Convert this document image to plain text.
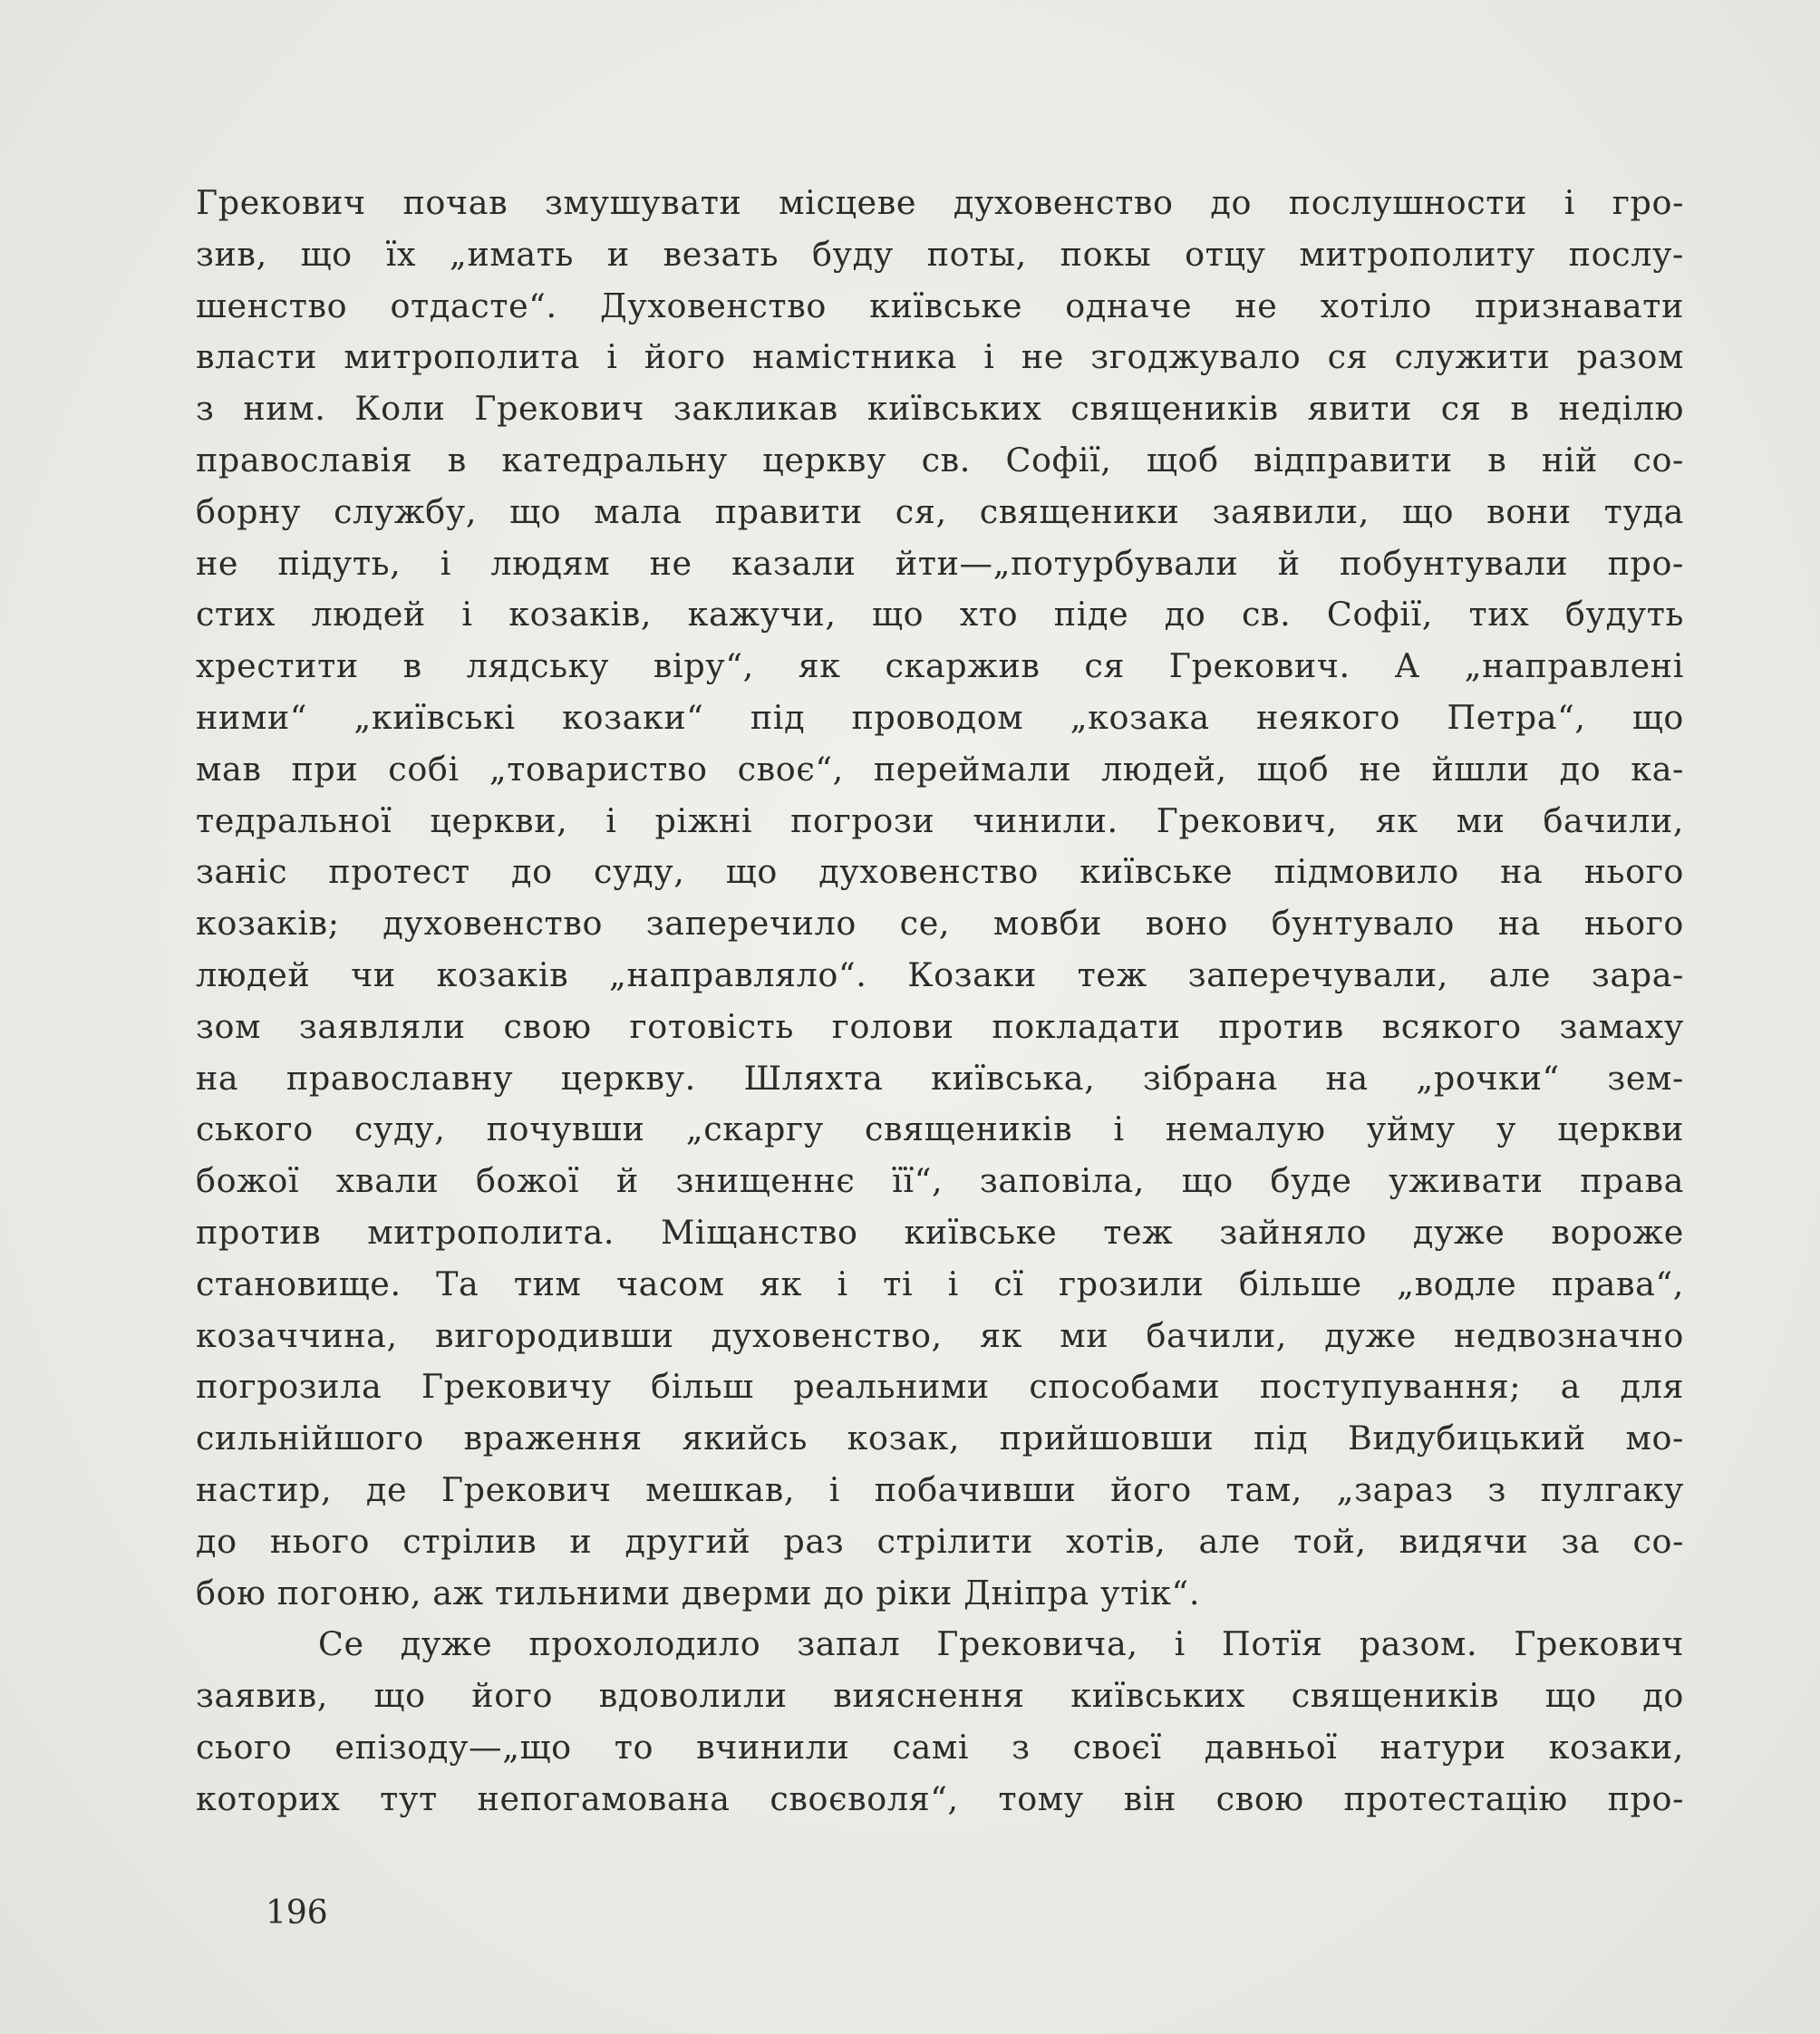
Грекович почав змушувати місцеве духовенство до послушности і гро-
зив, що їх „имать и везать буду поты, покы отцу митрополиту послу-
шенство отдасте“. Духовенство київське одначе не хотіло признавати
власти митрополита і його намістника і не згоджувало ся служити разом
з ним. Коли Грекович закликав київських священиків явити ся в неділю
православія в катедральну церкву св. Софії, щоб відправити в ній со-
борну службу, що мала правити ся, священики заявили, що вони туда
не підуть, і людям не казали йти—„потурбували й побунтували про-
стих людей і козаків, кажучи, що хто піде до св. Софії, тих будуть
хрестити в лядську віру“, як скаржив ся Грекович. А „направлені
ними“ „київські козаки“ під проводом „козака неякого Петра“, що
мав при собі „товариство своє“, переймали людей, щоб не йшли до ка-
тедральної церкви, і ріжні погрози чинили. Грекович, як ми бачили,
заніс протест до суду, що духовенство київське підмовило на нього
козаків; духовенство заперечило се, мовби воно бунтувало на нього
людей чи козаків „направляло“. Козаки теж заперечували, але зара-
зом заявляли свою готовість голови покладати против всякого замаху
на православну церкву. Шляхта київська, зібрана на „рочки“ зем-
ського суду, почувши „скаргу священиків і немалую уйму у церкви
божої хвали божої й знищеннє її“, заповіла, що буде уживати права
против митрополита. Міщанство київське теж зайняло дуже вороже
становище. Та тим часом як і ті і сї грозили більше „водле права“,
козаччина, вигородивши духовенство, як ми бачили, дуже недвозначно
погрозила Грековичу більш реальними способами поступування; а для
сильнійшого враження якийсь козак, прийшовши під Видубицький мо-
настир, де Грекович мешкав, і побачивши його там, „зараз з пулгаку
до нього стрілив и другий раз стрілити хотів, але той, видячи за со-
бою погоню, аж тильними дверми до ріки Дніпра утік“.
Се дуже прохолодило запал Грековича, і Потїя разом. Грекович
заявив, що його вдоволили вияснення київських священиків що до
сього епізоду—„що то вчинили самі з своєї давньої натури козаки,
которих тут непогамована своєволя“, тому він свою протестацію про-
196
